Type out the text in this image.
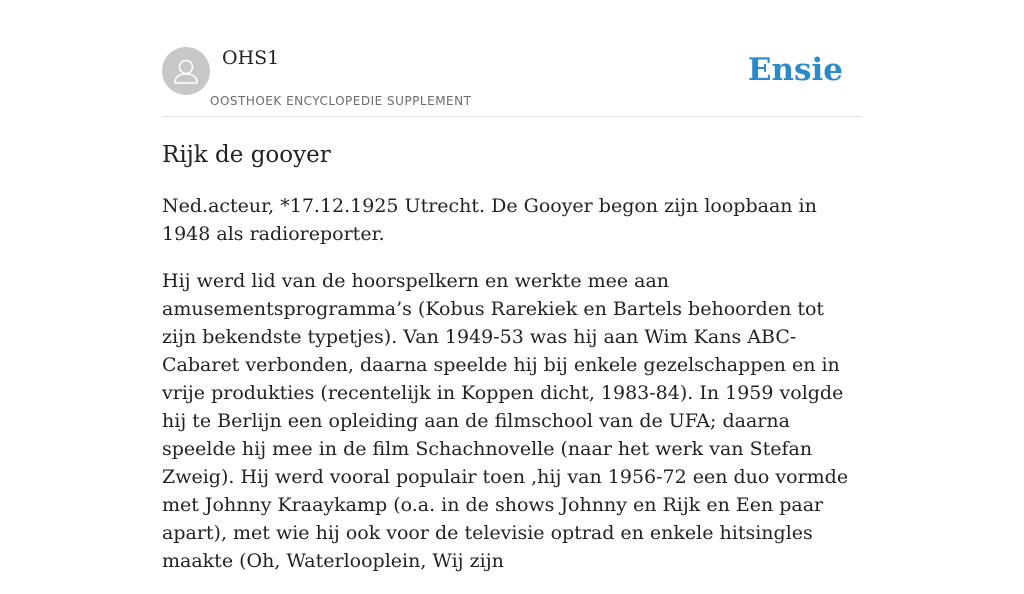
OHS1
OOSTHOEK ENCYCLOPEDIE SUPPLEMENT
Ensie
Rijk de gooyer

Ned.acteur, *17.12.1925 Utrecht. De Gooyer begon zijn loopbaan in 1948 als radioreporter.

Hij werd lid van de hoorspelkern en werkte mee aan amusementsprogramma’s (Kobus Rarekiek en Bartels behoorden tot zijn bekendste typetjes). Van 1949-53 was hij aan Wim Kans ABC-Cabaret verbonden, daarna speelde hij bij enkele gezelschappen en in vrije produkties (recentelijk in Koppen dicht, 1983-84). In 1959 volgde hij te Berlijn een opleiding aan de filmschool van de UFA; daarna speelde hij mee in de film Schachnovelle (naar het werk van Stefan Zweig). Hij werd vooral populair toen ,hij van 1956-72 een duo vormde met Johnny Kraaykamp (o.a. in de shows Johnny en Rijk en Een paar apart), met wie hij ook voor de televisie optrad en enkele hitsingles maakte (Oh, Waterlooplein, Wij zijn
